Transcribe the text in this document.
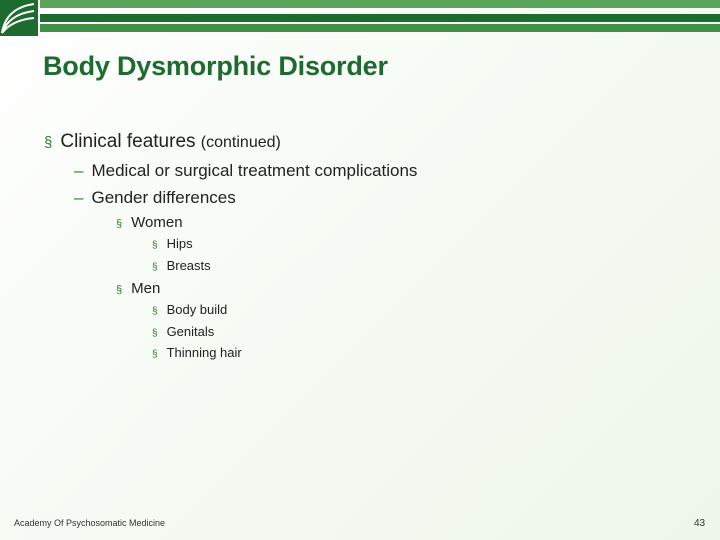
Body Dysmorphic Disorder
§ Clinical features (continued)
– Medical or surgical treatment complications
– Gender differences
§ Women
§ Hips
§ Breasts
§ Men
§ Body build
§ Genitals
§ Thinning hair
Academy Of Psychosomatic Medicine	43
